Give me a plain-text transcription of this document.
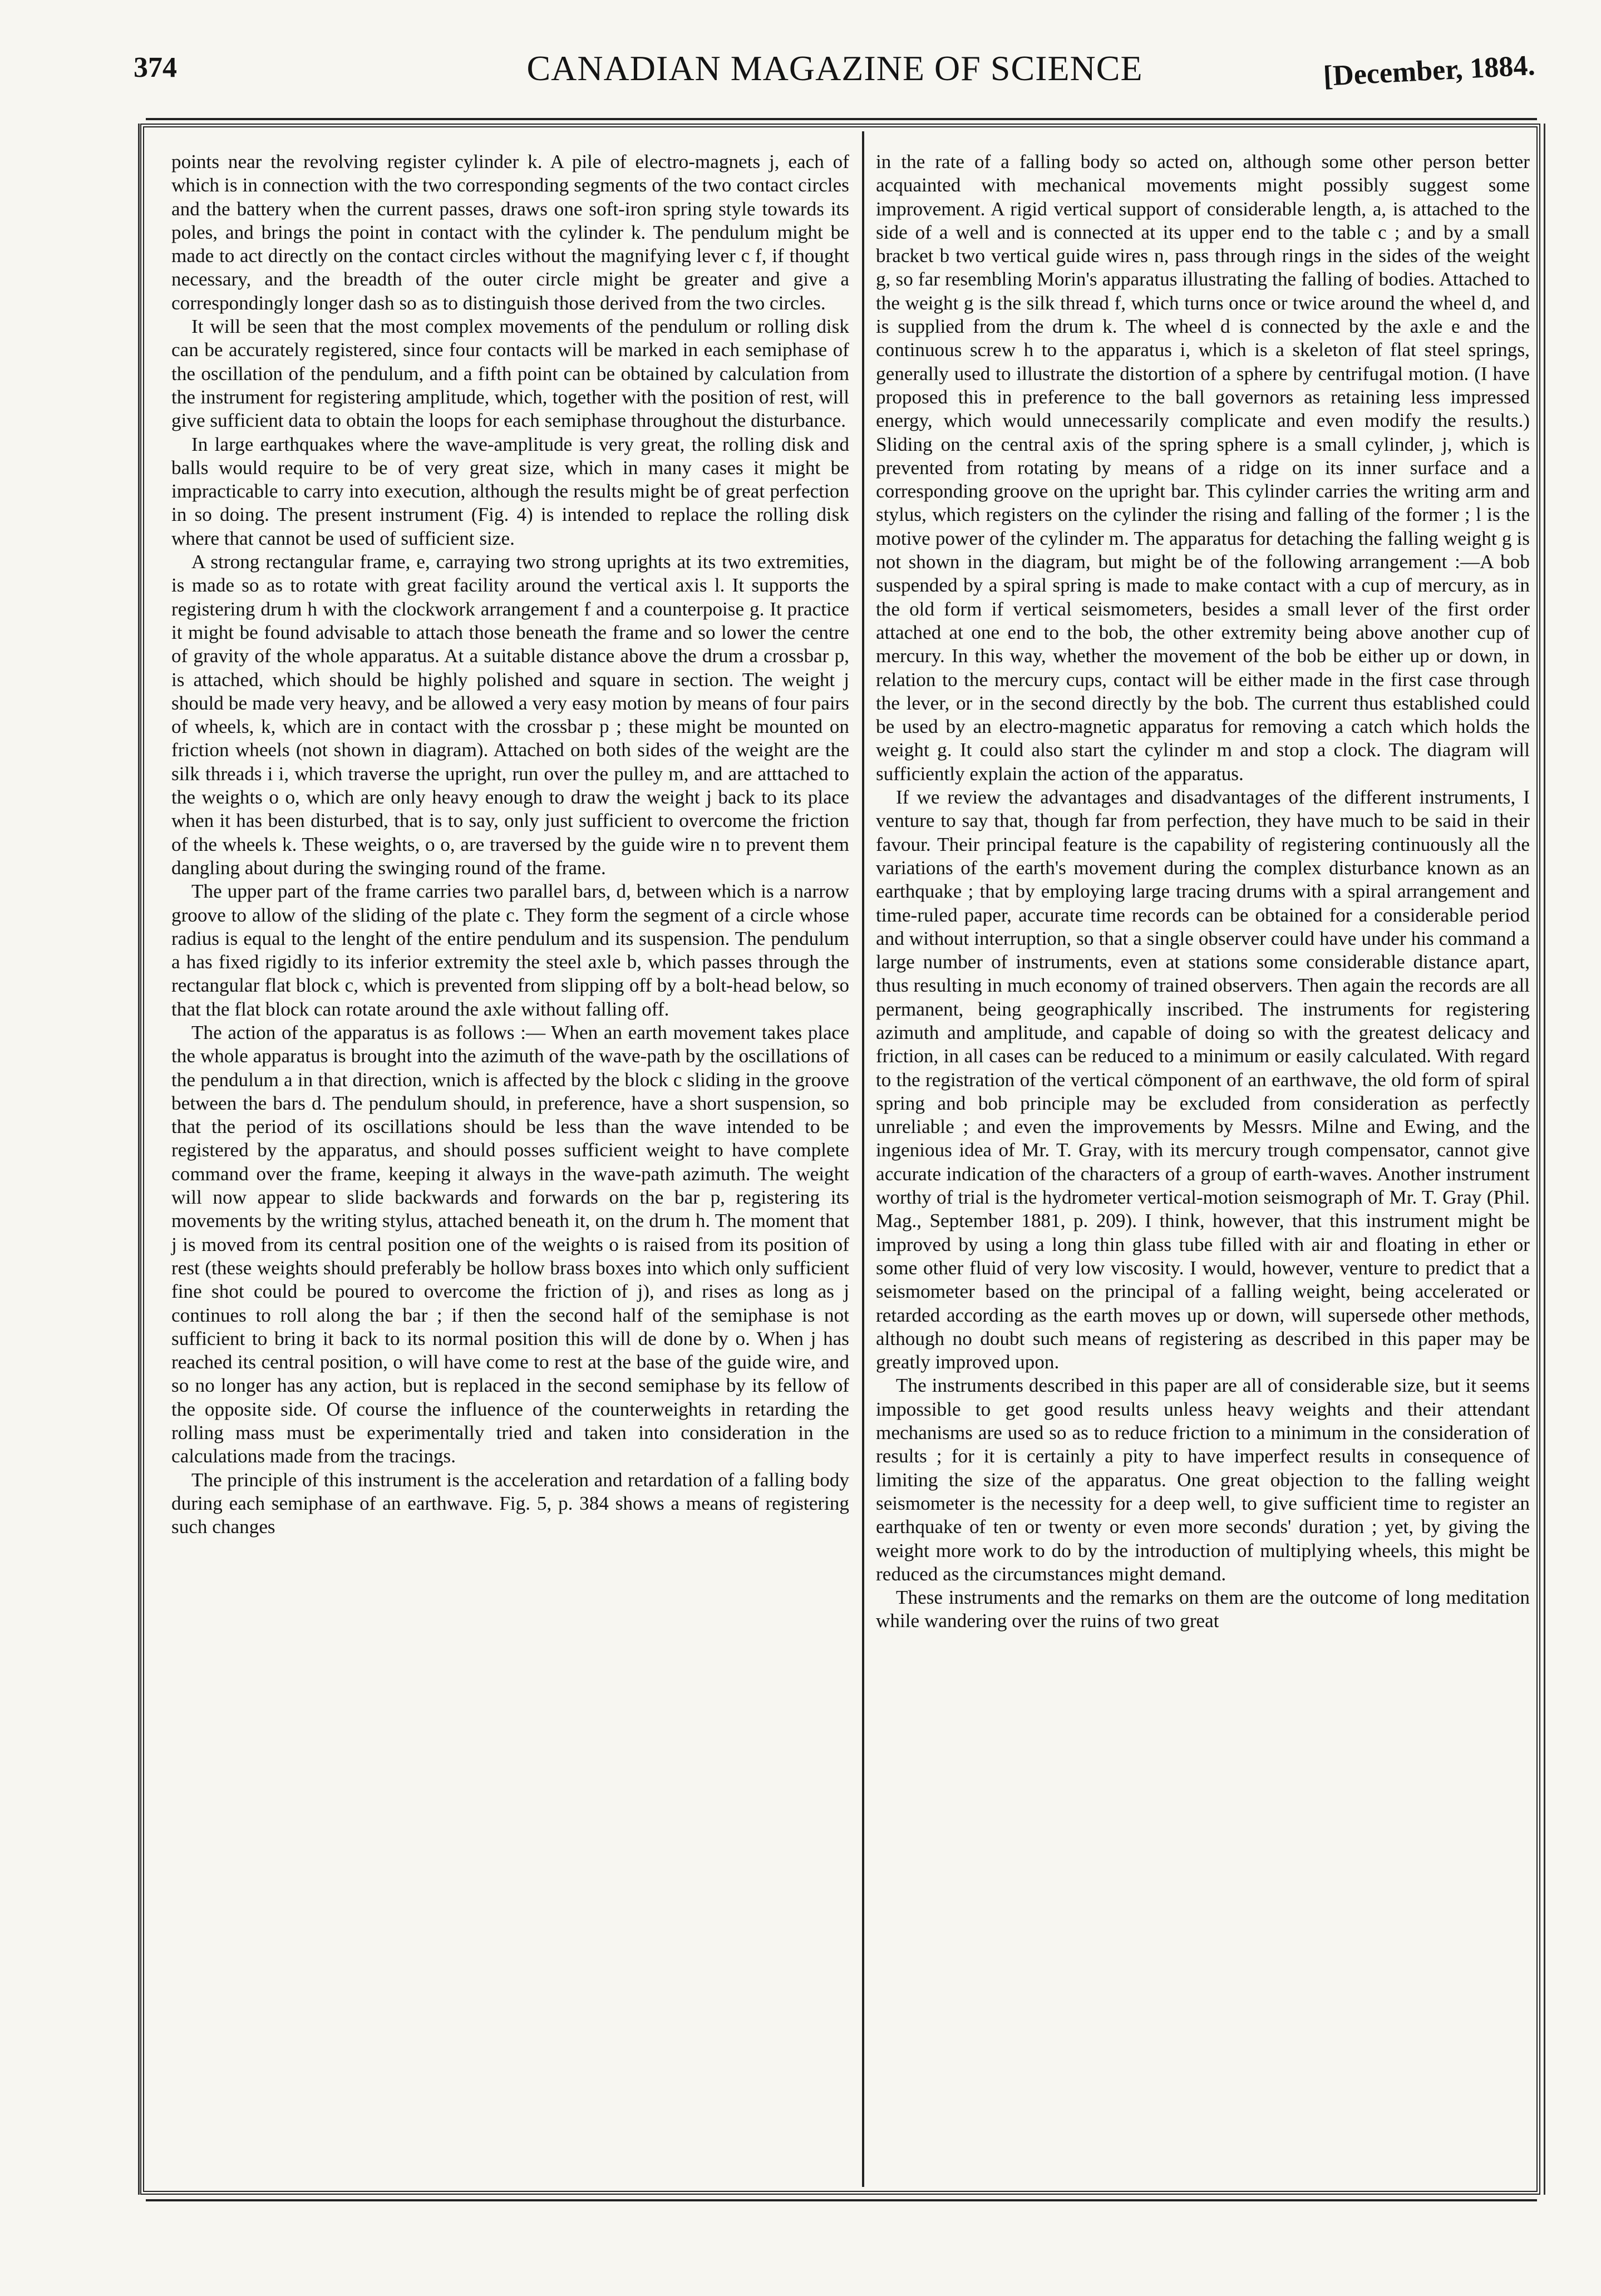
374	CANADIAN MAGAZINE OF SCIENCE	[December, 1884.

points near the revolving register cylinder k. A pile of electro-magnets j, each of which is in connection with the two corresponding segments of the two contact circles and the battery when the current passes, draws one soft-iron spring style towards its poles, and brings the point in contact with the cylinder k. The pendulum might be made to act directly on the contact circles without the magnifying lever c f, if thought necessary, and the breadth of the outer circle might be greater and give a correspondingly longer dash so as to distinguish those derived from the two circles.

It will be seen that the most complex movements of the pendulum or rolling disk can be accurately registered, since four contacts will be marked in each semiphase of the oscillation of the pendulum, and a fifth point can be obtained by calculation from the instrument for registering amplitude, which, together with the position of rest, will give sufficient data to obtain the loops for each semiphase throughout the disturbance.

In large earthquakes where the wave-amplitude is very great, the rolling disk and balls would require to be of very great size, which in many cases it might be impracticable to carry into execution, although the results might be of great perfection in so doing. The present instrument (Fig. 4) is intended to replace the rolling disk where that cannot be used of sufficient size.

A strong rectangular frame, e, carraying two strong uprights at its two extremities, is made so as to rotate with great facility around the vertical axis l. It supports the registering drum h with the clockwork arrangement f and a counterpoise g. It practice it might be found advisable to attach those beneath the frame and so lower the centre of gravity of the whole apparatus. At a suitable distance above the drum a crossbar p, is attached, which should be highly polished and square in section. The weight j should be made very heavy, and be allowed a very easy motion by means of four pairs of wheels, k, which are in contact with the crossbar p ; these might be mounted on friction wheels (not shown in diagram). Attached on both sides of the weight are the silk threads i i, which traverse the upright, run over the pulley m, and are atttached to the weights o o, which are only heavy enough to draw the weight j back to its place when it has been disturbed, that is to say, only just sufficient to overcome the friction of the wheels k. These weights, o o, are traversed by the guide wire n to prevent them dangling about during the swinging round of the frame.

The upper part of the frame carries two parallel bars, d, between which is a narrow groove to allow of the sliding of the plate c. They form the segment of a circle whose radius is equal to the lenght of the entire pendulum and its suspension. The pendulum a has fixed rigidly to its inferior extremity the steel axle b, which passes through the rectangular flat block c, which is prevented from slipping off by a bolt-head below, so that the flat block can rotate around the axle without falling off.

The action of the apparatus is as follows :— When an earth movement takes place the whole apparatus is brought into the azimuth of the wave-path by the oscillations of the pendulum a in that direction, wnich is affected by the block c sliding in the groove between the bars d. The pendulum should, in preference, have a short suspension, so that the period of its oscillations should be less than the wave intended to be registered by the apparatus, and should posses sufficient weight to have complete command over the frame, keeping it always in the wave-path azimuth. The weight will now appear to slide backwards and forwards on the bar p, registering its movements by the writing stylus, attached beneath it, on the drum h. The moment that j is moved from its central position one of the weights o is raised from its position of rest (these weights should preferably be hollow brass boxes into which only sufficient fine shot could be poured to overcome the friction of j), and rises as long as j continues to roll along the bar ; if then the second half of the semiphase is not sufficient to bring it back to its normal position this will de done by o. When j has reached its central position, o will have come to rest at the base of the guide wire, and so no longer has any action, but is replaced in the second semiphase by its fellow of the opposite side. Of course the influence of the counterweights in retarding the rolling mass must be experimentally tried and taken into consideration in the calculations made from the tracings.

The principle of this instrument is the acceleration and retardation of a falling body during each semiphase of an earthwave. Fig. 5, p. 384 shows a means of registering such changes

in the rate of a falling body so acted on, although some other person better acquainted with mechanical movements might possibly suggest some improvement. A rigid vertical support of considerable length, a, is attached to the side of a well and is connected at its upper end to the table c ; and by a small bracket b two vertical guide wires n, pass through rings in the sides of the weight g, so far resembling Morin's apparatus illustrating the falling of bodies. Attached to the weight g is the silk thread f, which turns once or twice around the wheel d, and is supplied from the drum k. The wheel d is connected by the axle e and the continuous screw h to the apparatus i, which is a skeleton of flat steel springs, generally used to illustrate the distortion of a sphere by centrifugal motion. (I have proposed this in preference to the ball governors as retaining less impressed energy, which would unnecessarily complicate and even modify the results.) Sliding on the central axis of the spring sphere is a small cylinder, j, which is prevented from rotating by means of a ridge on its inner surface and a corresponding groove on the upright bar. This cylinder carries the writing arm and stylus, which registers on the cylinder the rising and falling of the former ; l is the motive power of the cylinder m. The apparatus for detaching the falling weight g is not shown in the diagram, but might be of the following arrangement :—A bob suspended by a spiral spring is made to make contact with a cup of mercury, as in the old form if vertical seismometers, besides a small lever of the first order attached at one end to the bob, the other extremity being above another cup of mercury. In this way, whether the movement of the bob be either up or down, in relation to the mercury cups, contact will be either made in the first case through the lever, or in the second directly by the bob. The current thus established could be used by an electro-magnetic apparatus for removing a catch which holds the weight g. It could also start the cylinder m and stop a clock. The diagram will sufficiently explain the action of the apparatus.

If we review the advantages and disadvantages of the different instruments, I venture to say that, though far from perfection, they have much to be said in their favour. Their principal feature is the capability of registering continuously all the variations of the earth's movement during the complex disturbance known as an earthquake ; that by employing large tracing drums with a spiral arrangement and time-ruled paper, accurate time records can be obtained for a considerable period and without interruption, so that a single observer could have under his command a large number of instruments, even at stations some considerable distance apart, thus resulting in much economy of trained observers. Then again the records are all permanent, being geographically inscribed. The instruments for registering azimuth and amplitude, and capable of doing so with the greatest delicacy and friction, in all cases can be reduced to a minimum or easily calculated. With regard to the registration of the vertical cömponent of an earthwave, the old form of spiral spring and bob principle may be excluded from consideration as perfectly unreliable ; and even the improvements by Messrs. Milne and Ewing, and the ingenious idea of Mr. T. Gray, with its mercury trough compensator, cannot give accurate indication of the characters of a group of earth-waves. Another instrument worthy of trial is the hydrometer vertical-motion seismograph of Mr. T. Gray (Phil. Mag., September 1881, p. 209). I think, however, that this instrument might be improved by using a long thin glass tube filled with air and floating in ether or some other fluid of very low viscosity. I would, however, venture to predict that a seismometer based on the principal of a falling weight, being accelerated or retarded according as the earth moves up or down, will supersede other methods, although no doubt such means of registering as described in this paper may be greatly improved upon.

The instruments described in this paper are all of considerable size, but it seems impossible to get good results unless heavy weights and their attendant mechanisms are used so as to reduce friction to a minimum in the consideration of results ; for it is certainly a pity to have imperfect results in consequence of limiting the size of the apparatus. One great objection to the falling weight seismometer is the necessity for a deep well, to give sufficient time to register an earthquake of ten or twenty or even more seconds' duration ; yet, by giving the weight more work to do by the introduction of multiplying wheels, this might be reduced as the circumstances might demand.

These instruments and the remarks on them are the outcome of long meditation while wandering over the ruins of two great
